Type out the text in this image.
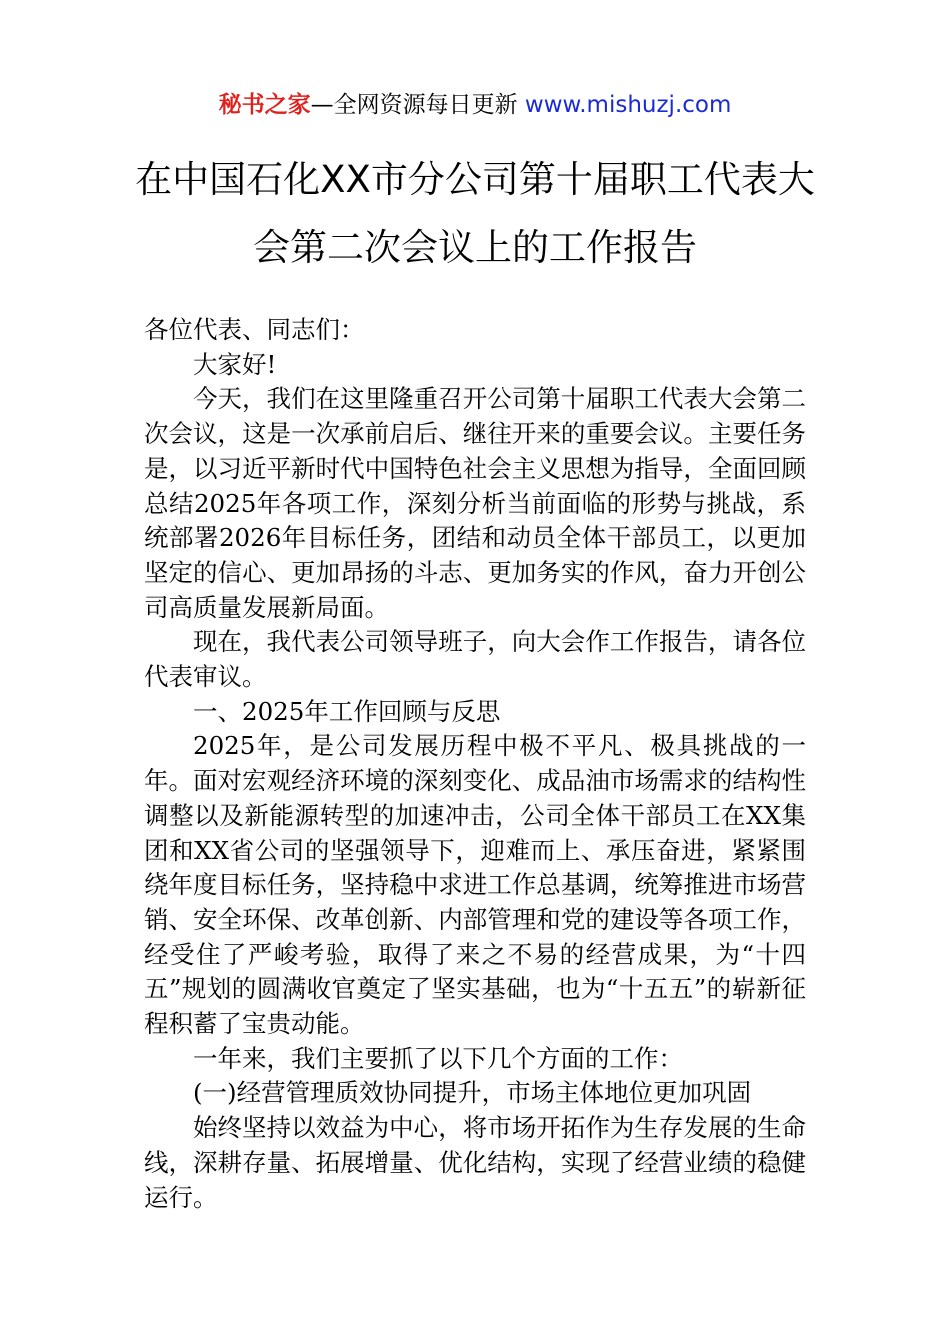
秘书之家—全网资源每日更新 www.mishuzj.com
在中国石化XX市分公司第十届职工代表大
会第二次会议上的工作报告

各位代表、同志们：

大家好!

今天，我们在这里隆重召开公司第十届职工代表大会第二次会议，这是一次承前启后、继往开来的重要会议。主要任务是，以习近平新时代中国特色社会主义思想为指导，全面回顾总结2025年各项工作，深刻分析当前面临的形势与挑战，系统部署2026年目标任务，团结和动员全体干部员工，以更加坚定的信心、更加昂扬的斗志、更加务实的作风，奋力开创公司高质量发展新局面。

现在，我代表公司领导班子，向大会作工作报告，请各位代表审议。

一、2025年工作回顾与反思

2025年，是公司发展历程中极不平凡、极具挑战的一年。面对宏观经济环境的深刻变化、成品油市场需求的结构性调整以及新能源转型的加速冲击，公司全体干部员工在XX集团和XX省公司的坚强领导下，迎难而上、承压奋进，紧紧围绕年度目标任务，坚持稳中求进工作总基调，统筹推进市场营销、安全环保、改革创新、内部管理和党的建设等各项工作，经受住了严峻考验，取得了来之不易的经营成果，为“十四五”规划的圆满收官奠定了坚实基础，也为“十五五”的崭新征程积蓄了宝贵动能。

一年来，我们主要抓了以下几个方面的工作：

(一)经营管理质效协同提升，市场主体地位更加巩固

始终坚持以效益为中心，将市场开拓作为生存发展的生命线，深耕存量、拓展增量、优化结构，实现了经营业绩的稳健运行。
